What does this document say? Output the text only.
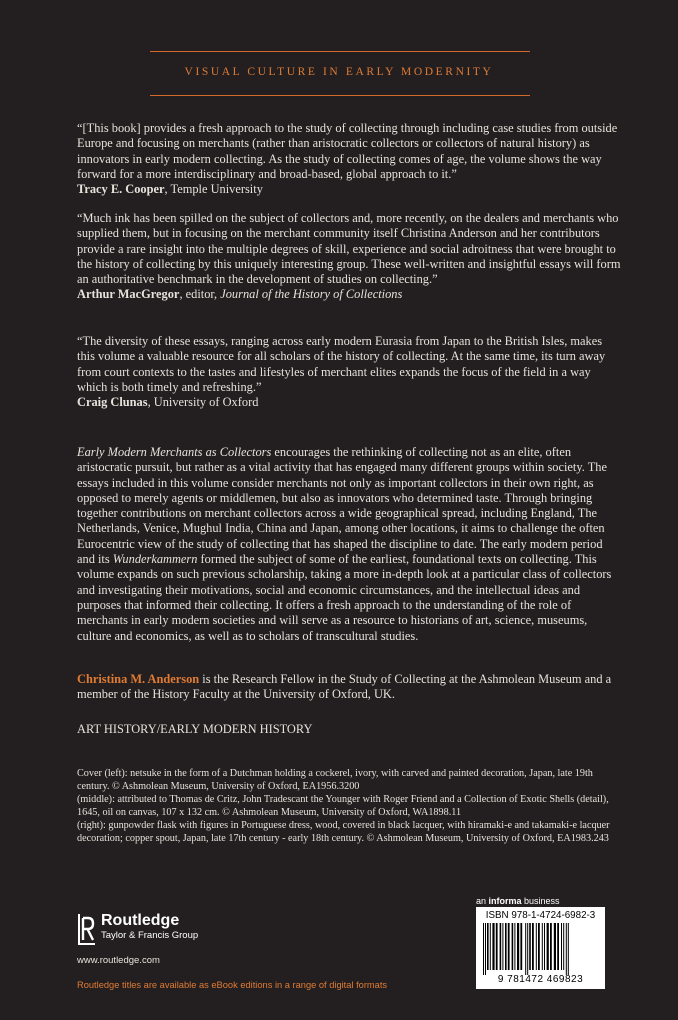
VISUAL CULTURE IN EARLY MODERNITY

“[This book] provides a fresh approach to the study of collecting through including case studies from outside Europe and focusing on merchants (rather than aristocratic collectors or collectors of natural history) as innovators in early modern collecting. As the study of collecting comes of age, the volume shows the way forward for a more interdisciplinary and broad-based, global approach to it.”

Tracy E. Cooper, Temple University

“Much ink has been spilled on the subject of collectors and, more recently, on the dealers and merchants who supplied them, but in focusing on the merchant community itself Christina Anderson and her contributors provide a rare insight into the multiple degrees of skill, experience and social adroitness that were brought to the history of collecting by this uniquely interesting group. These well-written and insightful essays will form an authoritative benchmark in the development of studies on collecting.”

Arthur MacGregor, editor, Journal of the History of Collections

“The diversity of these essays, ranging across early modern Eurasia from Japan to the British Isles, makes this volume a valuable resource for all scholars of the history of collecting. At the same time, its turn away from court contexts to the tastes and lifestyles of merchant elites expands the focus of the field in a way which is both timely and refreshing.”

Craig Clunas, University of Oxford

Early Modern Merchants as Collectors encourages the rethinking of collecting not as an elite, often aristocratic pursuit, but rather as a vital activity that has engaged many different groups within society. The essays included in this volume consider merchants not only as important collectors in their own right, as opposed to merely agents or middlemen, but also as innovators who determined taste. Through bringing together contributions on merchant collectors across a wide geographical spread, including England, The Netherlands, Venice, Mughul India, China and Japan, among other locations, it aims to challenge the often Eurocentric view of the study of collecting that has shaped the discipline to date. The early modern period and its Wunderkammern formed the subject of some of the earliest, foundational texts on collecting. This volume expands on such previous scholarship, taking a more in-depth look at a particular class of collectors and investigating their motivations, social and economic circumstances, and the intellectual ideas and purposes that informed their collecting. It offers a fresh approach to the understanding of the role of merchants in early modern societies and will serve as a resource to historians of art, science, museums, culture and economics, as well as to scholars of transcultural studies.

Christina M. Anderson is the Research Fellow in the Study of Collecting at the Ashmolean Museum and a member of the History Faculty at the University of Oxford, UK.

ART HISTORY/EARLY MODERN HISTORY

Cover (left): netsuke in the form of a Dutchman holding a cockerel, ivory, with carved and painted decoration, Japan, late 19th century. © Ashmolean Museum, University of Oxford, EA1956.3200

(middle): attributed to Thomas de Critz, John Tradescant the Younger with Roger Friend and a Collection of Exotic Shells (detail), 1645, oil on canvas, 107 x 132 cm. © Ashmolean Museum, University of Oxford, WA1898.11

(right): gunpowder flask with figures in Portuguese dress, wood, covered in black lacquer, with hiramaki-e and takamaki-e lacquer decoration; copper spout, Japan, late 17th century - early 18th century. © Ashmolean Museum, University of Oxford, EA1983.243

Routledge
Taylor & Francis Group
www.routledge.com
Routledge titles are available as eBook editions in a range of digital formats
an informa business
ISBN 978-1-4724-6982-3
9 781472 469823
